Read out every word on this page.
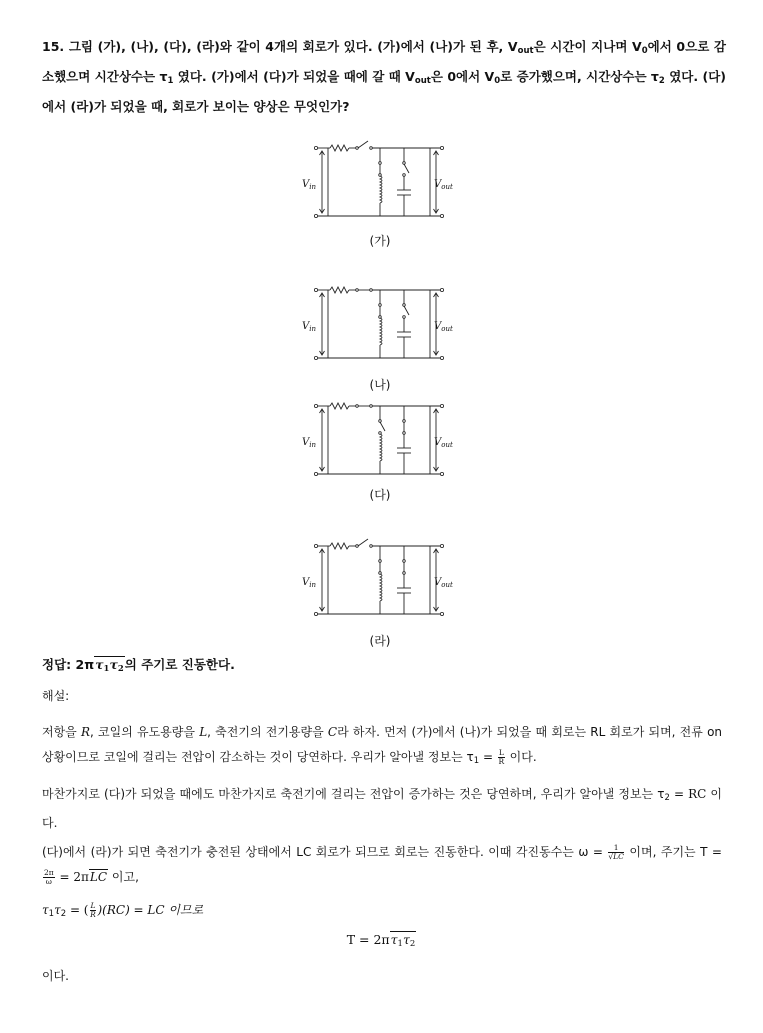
15. 그림 (가), (나), (다), (라)와 같이 4개의 회로가 있다. (가)에서 (나)가 된 후, $V_{out}$은 시간이 지나며 $V_0$에서 0으로 감소했으며 시간상수는 $\tau_1$ 였다. (가)에서 (다)가 되었을 때에 갈 때 $V_{out}$은 0에서 $V_0$로 증가했으며, 시간상수는 $\tau_2$ 였다. (다)에서 (라)가 되었을 때, 회로가 보이는 양상은 무엇인가?
$V_{in}$	$V_{out}$
(가)
$V_{in}$	$V_{out}$
(나)
$V_{in}$	$V_{out}$
(다)
$V_{in}$	$V_{out}$
(라)
정답: $2\pi\tau_1\tau_2$의 주기로 진동한다.
해설:
저항을 R, 코일의 유도용량을 L, 축전기의 전기용량을 C라 하자. 먼저 (가)에서 (나)가 되었을 때 회로는 RL 회로가 되며, 전류 on 상황이므로 코일에 걸리는 전압이 감소하는 것이 당연하다. 우리가 알아낼 정보는 $\tau_1 = \frac{L}{R}$ 이다.
마찬가지로 (다)가 되었을 때에도 마찬가지로 축전기에 걸리는 전압이 증가하는 것은 당연하며, 우리가 알아낼 정보는 $\tau_2$ = RC 이다.
(다)에서 (라)가 되면 축전기가 충전된 상태에서 LC 회로가 되므로 회로는 진동한다. 이때 각진동수는 $\omega = \frac{1}{√LC}$ 이며, 주기는 T =
$\frac{2\pi}{\omega} = 2\pi LC$ 이고,
$\tau_1\tau_2$ = ( $\frac{L}{R} )(RC)$ = LC 이므로
$T = 2\pi\tau_1\tau_2$
이다.
